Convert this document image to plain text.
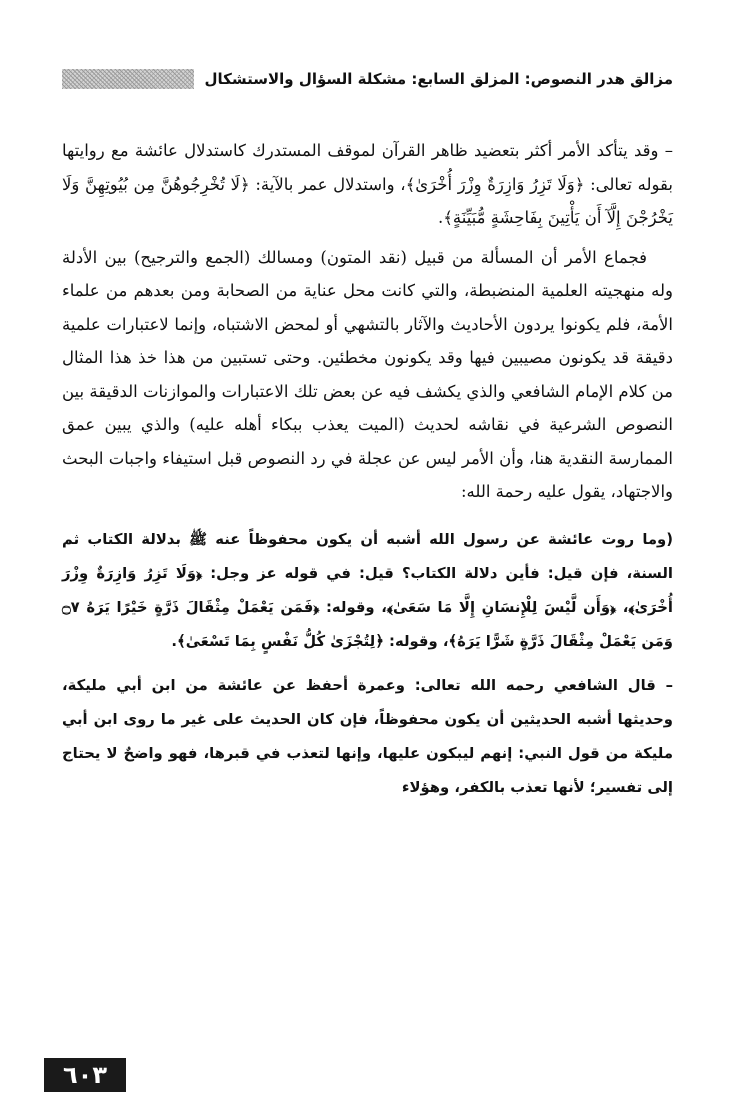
مزالق هدر النصوص: المزلق السابع: مشكلة السؤال والاستشكال

– وقد يتأكد الأمر أكثر بتعضيد ظاهر القرآن لموقف المستدرك كاستدلال عائشة مع روايتها بقوله تعالى: ﴿وَلَا تَزِرُ وَازِرَةٌ وِزْرَ أُخْرَىٰ﴾، واستدلال عمر بالآية: ﴿لَا تُخْرِجُوهُنَّ مِن بُيُوتِهِنَّ وَلَا يَخْرُجْنَ إِلَّآ أَن يَأْتِينَ بِفَاحِشَةٍ مُّبَيِّنَةٍ﴾.

فجماع الأمر أن المسألة من قبيل (نقد المتون) ومسالك (الجمع والترجيح) بين الأدلة وله منهجيته العلمية المنضبطة، والتي كانت محل عناية من الصحابة ومن بعدهم من علماء الأمة، فلم يكونوا يردون الأحاديث والآثار بالتشهي أو لمحض الاشتباه، وإنما لاعتبارات علمية دقيقة قد يكونون مصيبين فيها وقد يكونون مخطئين. وحتى تستبين من هذا خذ هذا المثال من كلام الإمام الشافعي والذي يكشف فيه عن بعض تلك الاعتبارات والموازنات الدقيقة بين النصوص الشرعية في نقاشه لحديث (الميت يعذب ببكاء أهله عليه) والذي يبين عمق الممارسة النقدية هنا، وأن الأمر ليس عن عجلة في رد النصوص قبل استيفاء واجبات البحث والاجتهاد، يقول عليه رحمة الله:

(وما روت عائشة عن رسول الله أشبه أن يكون محفوظاً عنه ﷺ بدلالة الكتاب ثم السنة، فإن قيل: فأين دلالة الكتاب؟ قيل: في قوله عز وجل: ﴿وَلَا تَزِرُ وَازِرَةٌ وِزْرَ أُخْرَىٰ﴾، ﴿وَأَن لَّيْسَ لِلْإِنسَانِ إِلَّا مَا سَعَىٰ﴾، وقوله: ﴿فَمَن يَعْمَلْ مِثْقَالَ ذَرَّةٍ خَيْرًا يَرَهُ ۝٧ وَمَن يَعْمَلْ مِثْقَالَ ذَرَّةٍ شَرًّا يَرَهُ﴾، وقوله: ﴿لِتُجْزَىٰ كُلُّ نَفْسٍ بِمَا تَسْعَىٰ﴾.

– قال الشافعي رحمه الله تعالى: وعمرة أحفظ عن عائشة من ابن أبي مليكة، وحديثها أشبه الحديثين أن يكون محفوظاً، فإن كان الحديث على غير ما روى ابن أبي مليكة من قول النبي: إنهم ليبكون عليها، وإنها لتعذب في قبرها، فهو واضحٌ لا يحتاج إلى تفسير؛ لأنها تعذب بالكفر، وهؤلاء

٦٠٣
